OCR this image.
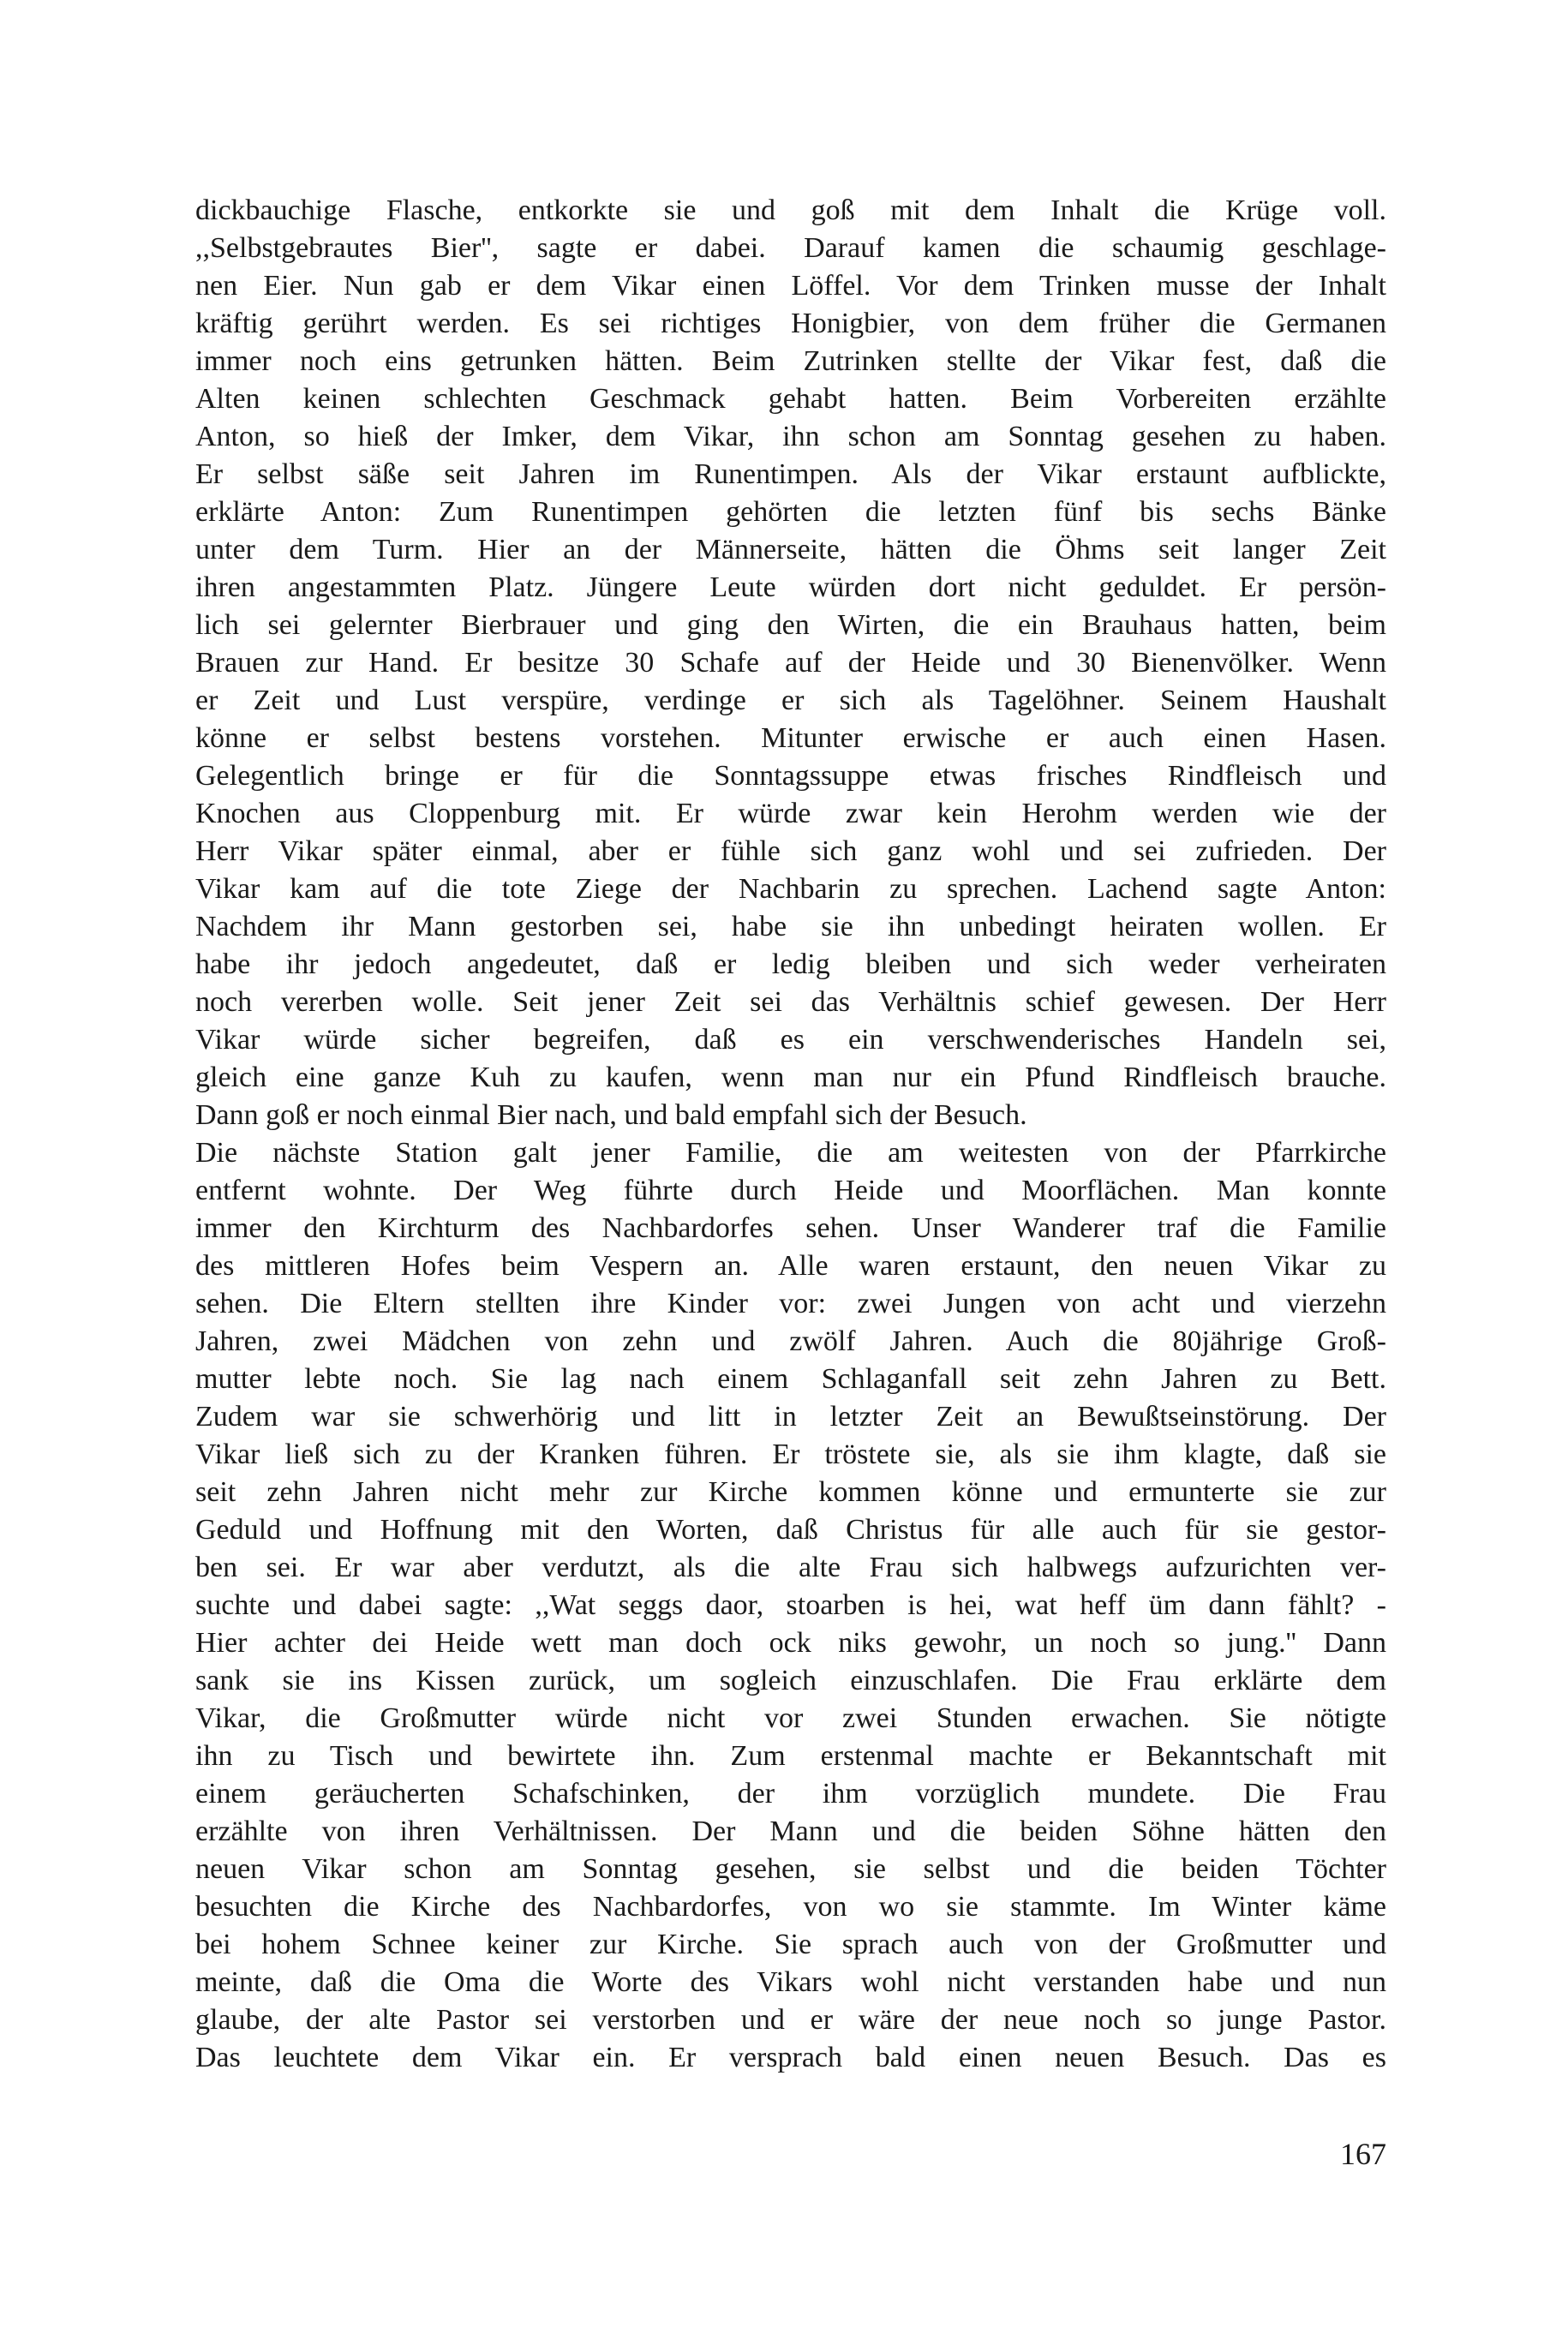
dickbauchige Flasche, entkorkte sie und goß mit dem Inhalt die Krüge voll.
,,Selbstgebrautes Bier'', sagte er dabei. Darauf kamen die schaumig geschlage-
nen Eier. Nun gab er dem Vikar einen Löffel. Vor dem Trinken musse der Inhalt
kräftig gerührt werden. Es sei richtiges Honigbier, von dem früher die Germanen
immer noch eins getrunken hätten. Beim Zutrinken stellte der Vikar fest, daß die
Alten keinen schlechten Geschmack gehabt hatten. Beim Vorbereiten erzählte
Anton, so hieß der Imker, dem Vikar, ihn schon am Sonntag gesehen zu haben.
Er selbst säße seit Jahren im Runentimpen. Als der Vikar erstaunt aufblickte,
erklärte Anton: Zum Runentimpen gehörten die letzten fünf bis sechs Bänke
unter dem Turm. Hier an der Männerseite, hätten die Öhms seit langer Zeit
ihren angestammten Platz. Jüngere Leute würden dort nicht geduldet. Er persön-
lich sei gelernter Bierbrauer und ging den Wirten, die ein Brauhaus hatten, beim
Brauen zur Hand. Er besitze 30 Schafe auf der Heide und 30 Bienenvölker. Wenn
er Zeit und Lust verspüre, verdinge er sich als Tagelöhner. Seinem Haushalt
könne er selbst bestens vorstehen. Mitunter erwische er auch einen Hasen.
Gelegentlich bringe er für die Sonntagssuppe etwas frisches Rindfleisch und
Knochen aus Cloppenburg mit. Er würde zwar kein Herohm werden wie der
Herr Vikar später einmal, aber er fühle sich ganz wohl und sei zufrieden. Der
Vikar kam auf die tote Ziege der Nachbarin zu sprechen. Lachend sagte Anton:
Nachdem ihr Mann gestorben sei, habe sie ihn unbedingt heiraten wollen. Er
habe ihr jedoch angedeutet, daß er ledig bleiben und sich weder verheiraten
noch vererben wolle. Seit jener Zeit sei das Verhältnis schief gewesen. Der Herr
Vikar würde sicher begreifen, daß es ein verschwenderisches Handeln sei,
gleich eine ganze Kuh zu kaufen, wenn man nur ein Pfund Rindfleisch brauche.
Dann goß er noch einmal Bier nach, und bald empfahl sich der Besuch.
Die nächste Station galt jener Familie, die am weitesten von der Pfarrkirche
entfernt wohnte. Der Weg führte durch Heide und Moorflächen. Man konnte
immer den Kirchturm des Nachbardorfes sehen. Unser Wanderer traf die Familie
des mittleren Hofes beim Vespern an. Alle waren erstaunt, den neuen Vikar zu
sehen. Die Eltern stellten ihre Kinder vor: zwei Jungen von acht und vierzehn
Jahren, zwei Mädchen von zehn und zwölf Jahren. Auch die 80jährige Groß-
mutter lebte noch. Sie lag nach einem Schlaganfall seit zehn Jahren zu Bett.
Zudem war sie schwerhörig und litt in letzter Zeit an Bewußtseinstörung. Der
Vikar ließ sich zu der Kranken führen. Er tröstete sie, als sie ihm klagte, daß sie
seit zehn Jahren nicht mehr zur Kirche kommen könne und ermunterte sie zur
Geduld und Hoffnung mit den Worten, daß Christus für alle auch für sie gestor-
ben sei. Er war aber verdutzt, als die alte Frau sich halbwegs aufzurichten ver-
suchte und dabei sagte: ,,Wat seggs daor, stoarben is hei, wat heff üm dann fählt? -
Hier achter dei Heide wett man doch ock niks gewohr, un noch so jung.'' Dann
sank sie ins Kissen zurück, um sogleich einzuschlafen. Die Frau erklärte dem
Vikar, die Großmutter würde nicht vor zwei Stunden erwachen. Sie nötigte
ihn zu Tisch und bewirtete ihn. Zum erstenmal machte er Bekanntschaft mit
einem geräucherten Schafschinken, der ihm vorzüglich mundete. Die Frau
erzählte von ihren Verhältnissen. Der Mann und die beiden Söhne hätten den
neuen Vikar schon am Sonntag gesehen, sie selbst und die beiden Töchter
besuchten die Kirche des Nachbardorfes, von wo sie stammte. Im Winter käme
bei hohem Schnee keiner zur Kirche. Sie sprach auch von der Großmutter und
meinte, daß die Oma die Worte des Vikars wohl nicht verstanden habe und nun
glaube, der alte Pastor sei verstorben und er wäre der neue noch so junge Pastor.
Das leuchtete dem Vikar ein. Er versprach bald einen neuen Besuch. Das es
167
